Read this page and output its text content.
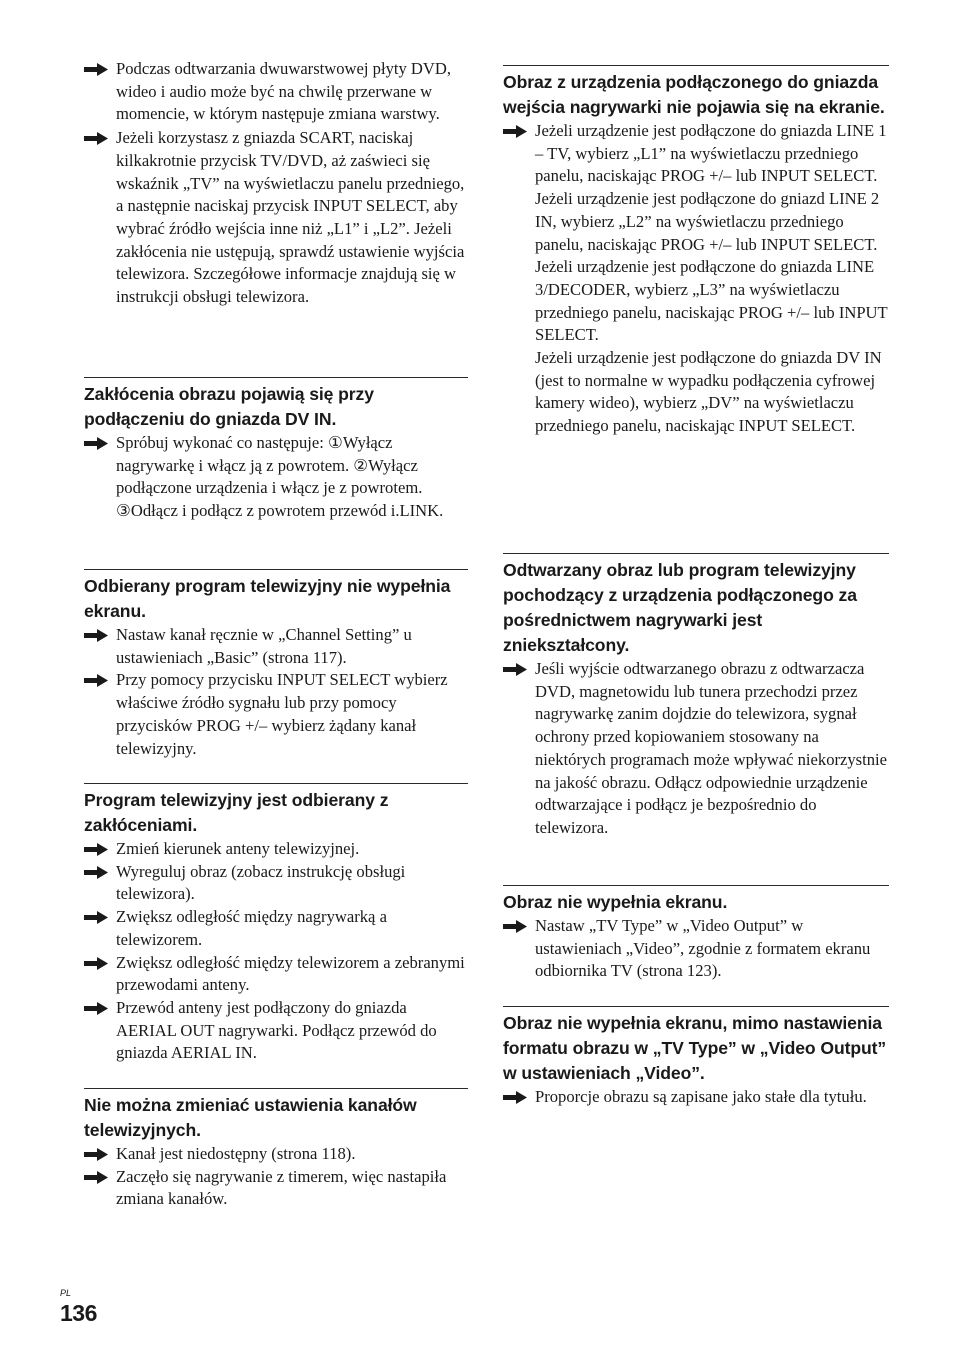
Podczas odtwarzania dwuwarstwowej płyty DVD, wideo i audio może być na chwilę przerwane w momencie, w którym następuje zmiana warstwy.
Jeżeli korzystasz z gniazda SCART, naciskaj kilkakrotnie przycisk TV/DVD, aż zaświeci się wskaźnik „TV” na wyświetlaczu panelu przedniego, a następnie naciskaj przycisk INPUT SELECT, aby wybrać źródło wejścia inne niż „L1” i „L2”. Jeżeli zakłócenia nie ustępują, sprawdź ustawienie wyjścia telewizora. Szczegółowe informacje znajdują się w instrukcji obsługi telewizora.
Zakłócenia obrazu pojawią się przy podłączeniu do gniazda DV IN.
Spróbuj wykonać co następuje: ①Wyłącz nagrywarkę i włącz ją z powrotem. ②Wyłącz podłączone urządzenia i włącz je z powrotem. ③Odłącz i podłącz z powrotem przewód i.LINK.
Odbierany program telewizyjny nie wypełnia ekranu.
Nastaw kanał ręcznie w „Channel Setting” u ustawieniach „Basic” (strona 117).
Przy pomocy przycisku INPUT SELECT wybierz właściwe źródło sygnału lub przy pomocy przycisków PROG +/– wybierz żądany kanał telewizyjny.
Program telewizyjny jest odbierany z zakłóceniami.
Zmień kierunek anteny telewizyjnej.
Wyreguluj obraz (zobacz instrukcję obsługi telewizora).
Zwiększ odległość między nagrywarką a telewizorem.
Zwiększ odległość między telewizorem a zebranymi przewodami anteny.
Przewód anteny jest podłączony do gniazda AERIAL OUT nagrywarki. Podłącz przewód do gniazda AERIAL IN.
Nie można zmieniać ustawienia kanałów telewizyjnych.
Kanał jest niedostępny (strona 118).
Zaczęło się nagrywanie z timerem, więc nastapiła zmiana kanałów.
Obraz z urządzenia podłączonego do gniazda wejścia nagrywarki nie pojawia się na ekranie.
Jeżeli urządzenie jest podłączone do gniazda LINE 1 – TV, wybierz „L1” na wyświetlaczu przedniego panelu, naciskając PROG +/– lub INPUT SELECT.
Jeżeli urządzenie jest podłączone do gniazd LINE 2 IN, wybierz „L2” na wyświetlaczu przedniego panelu, naciskając PROG +/– lub INPUT SELECT.
Jeżeli urządzenie jest podłączone do gniazda LINE 3/DECODER, wybierz „L3” na wyświetlaczu przedniego panelu, naciskając PROG +/– lub INPUT SELECT.
Jeżeli urządzenie jest podłączone do gniazda DV IN (jest to normalne w wypadku podłączenia cyfrowej kamery wideo), wybierz „DV” na wyświetlaczu przedniego panelu, naciskając INPUT SELECT.
Odtwarzany obraz lub program telewizyjny pochodzący z urządzenia podłączonego za pośrednictwem nagrywarki jest zniekształcony.
Jeśli wyjście odtwarzanego obrazu z odtwarzacza DVD, magnetowidu lub tunera przechodzi przez nagrywarkę zanim dojdzie do telewizora, sygnał ochrony przed kopiowaniem stosowany na niektórych programach może wpływać niekorzystnie na jakość obrazu. Odłącz odpowiednie urządzenie odtwarzające i podłącz je bezpośrednio do telewizora.
Obraz nie wypełnia ekranu.
Nastaw „TV Type” w „Video Output” w ustawieniach „Video”, zgodnie z formatem ekranu odbiornika TV (strona 123).
Obraz nie wypełnia ekranu, mimo nastawienia formatu obrazu w „TV Type” w „Video Output” w ustawieniach „Video”.
Proporcje obrazu są zapisane jako stałe dla tytułu.
PL
136
